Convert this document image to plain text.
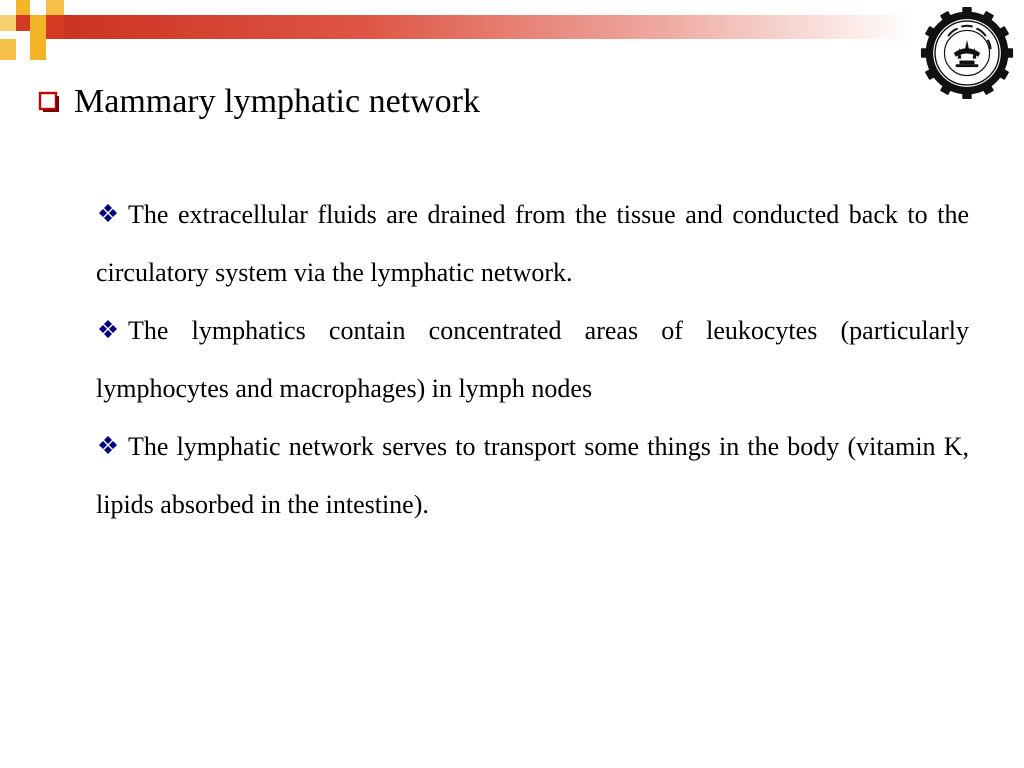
Mammary lymphatic network

The extracellular fluids are drained from the tissue and conducted back to the circulatory system via the lymphatic network.

The lymphatics contain concentrated areas of leukocytes (particularly lymphocytes and macrophages) in lymph nodes

The lymphatic network serves to transport some things in the body (vitamin K, lipids absorbed in the intestine).
